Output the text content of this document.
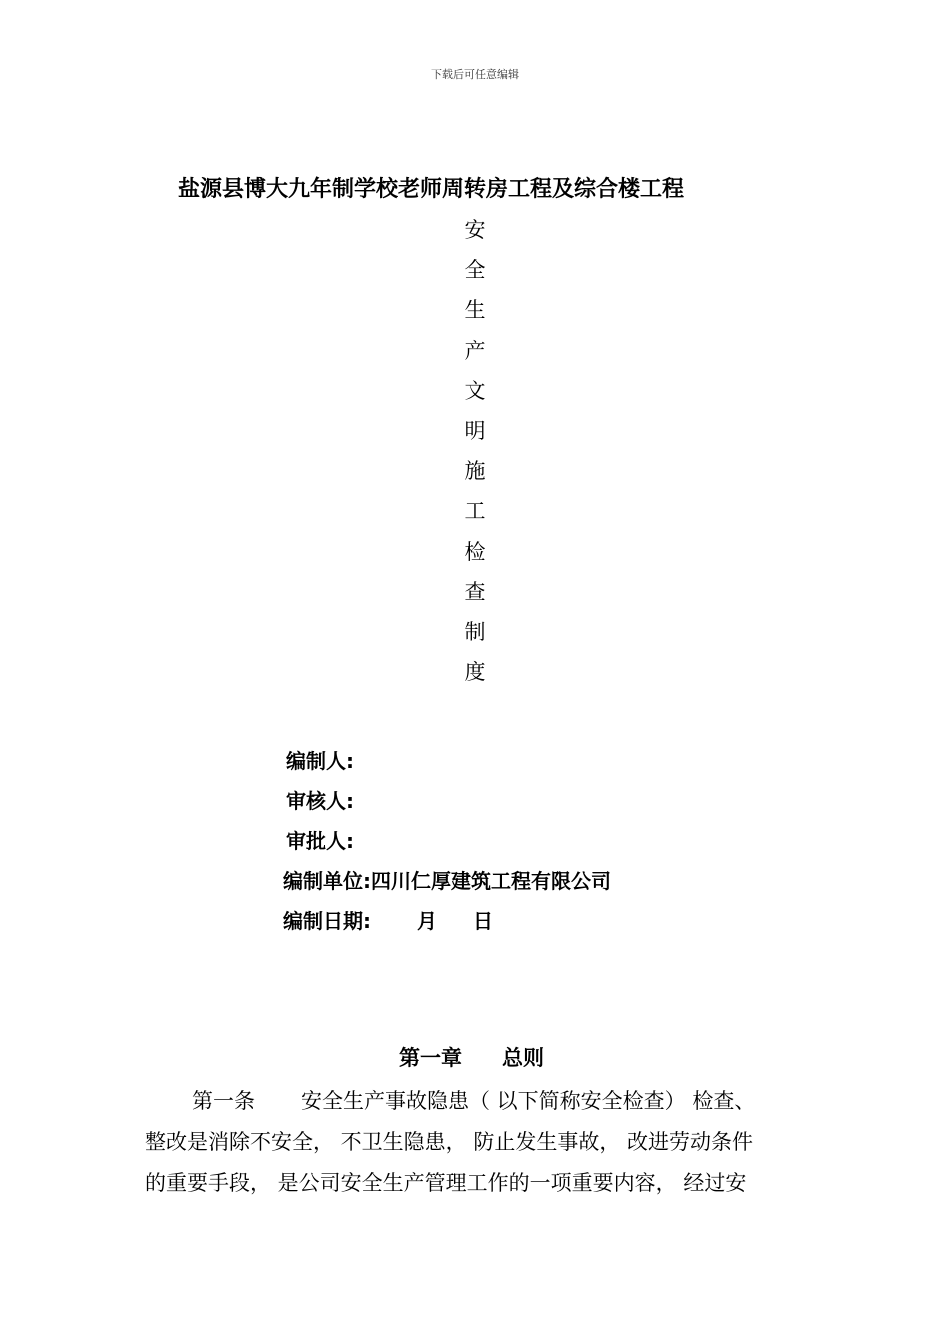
下载后可任意编辑
盐源县博大九年制学校老师周转房工程及综合楼工程
安
全
生
产
文
明
施
工
检
查
制
度
编制人:
审核人:
审批人:
编制单位:四川仁厚建筑工程有限公司
编制日期: 月 日
第一章 总则
第一条 安全生产事故隐患（ 以下简称安全检查） 检查、
整改是消除不安全， 不卫生隐患， 防止发生事故， 改进劳动条件
的重要手段， 是公司安全生产管理工作的一项重要内容， 经过安
